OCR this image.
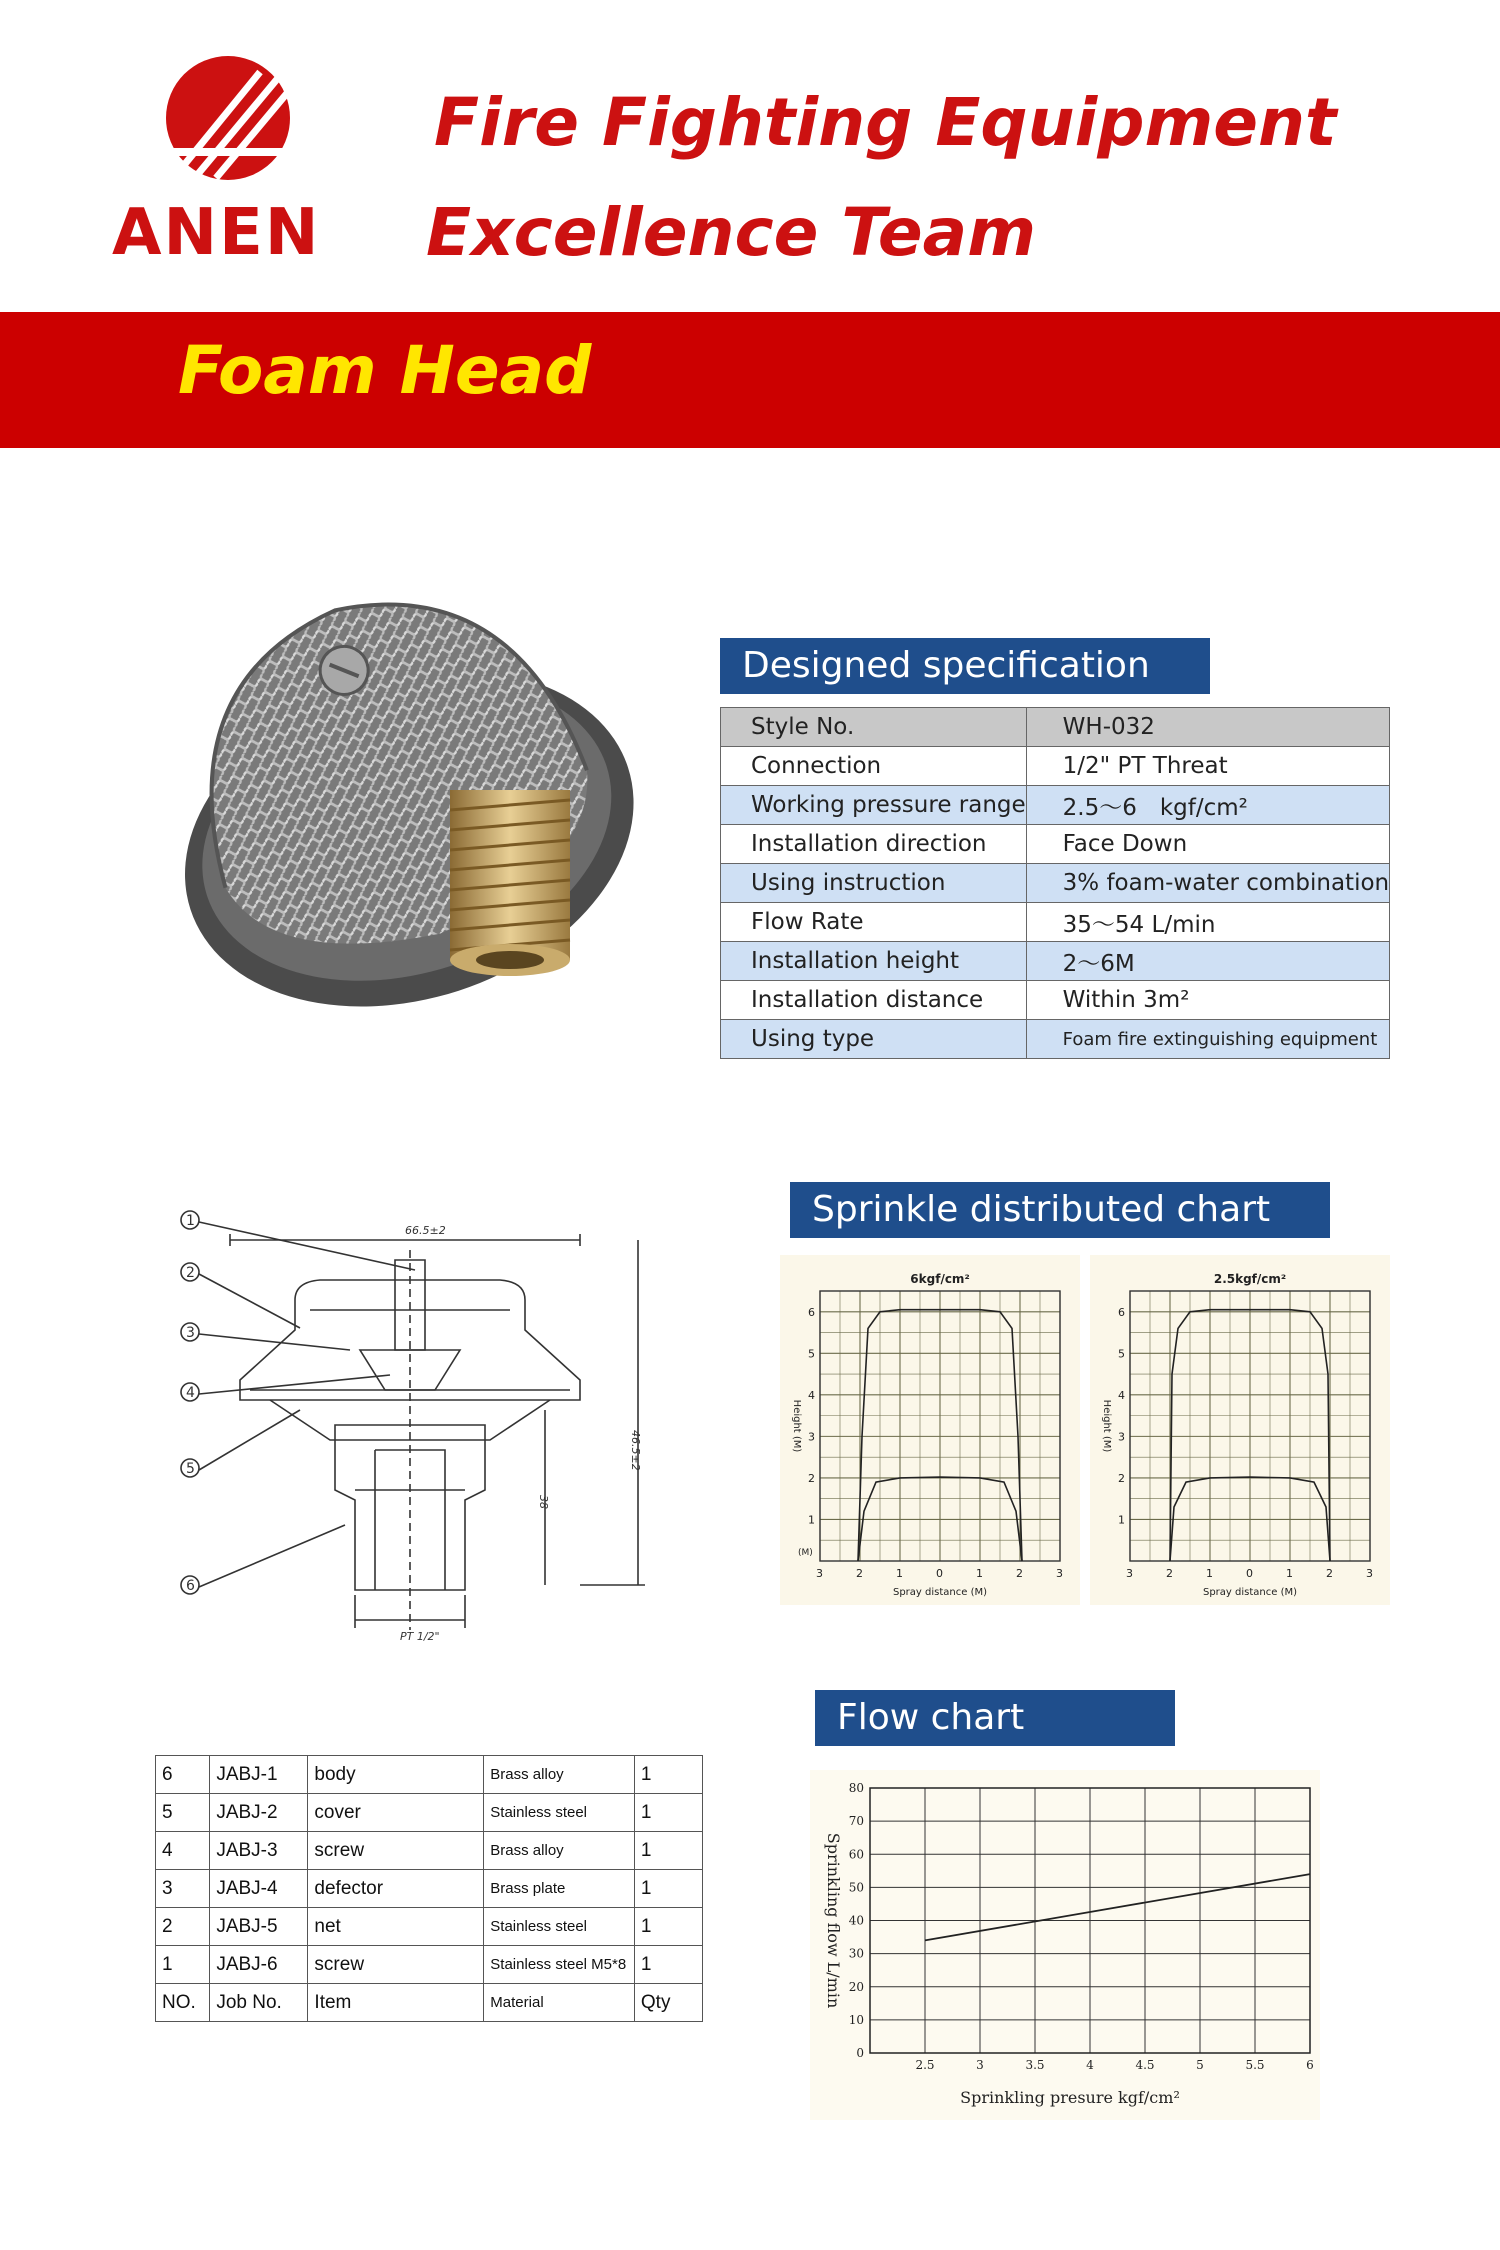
ANEN
Fire Fighting Equipment
Excellence Team
Foam Head
Designed specification
Style No.	WH-032
Connection	1/2" PT Threat
Working pressure range	2.5～6　kgf/cm²
Installation direction	Face Down
Using instruction	3% foam-water combination
Flow Rate	35～54 L/min
Installation height	2～6M
Installation distance	Within 3m²
Using type	Foam fire extinguishing equipment
1
2
3
4
5
6
66.5±2
46.5±2
38
PT 1/2"
Sprinkle distributed chart
3	2	1	0	1	2	3
1
2
3
4
5
6
(M)
6kgf/cm²
Spray distance (M)
Height (M)
3	2	1	0	1	2	3
1
2
3
4
5
6
2.5kgf/cm²
Spray distance (M)
Height (M)
6	JABJ-1	body	Brass alloy	1
5	JABJ-2	cover	Stainless steel	1
4	JABJ-3	screw	Brass alloy	1
3	JABJ-4	defector	Brass plate	1
2	JABJ-5	net	Stainless steel	1
1	JABJ-6	screw	Stainless steel M5*8	1
NO.	Job No.	Item	Material	Qty
Flow chart
2.5	3	3.5	4	4.5	5	5.5	6
0
10
20
30
40
50
60
70
80
Sprinkling presure kgf/cm²
Sprinkling flow L/min
